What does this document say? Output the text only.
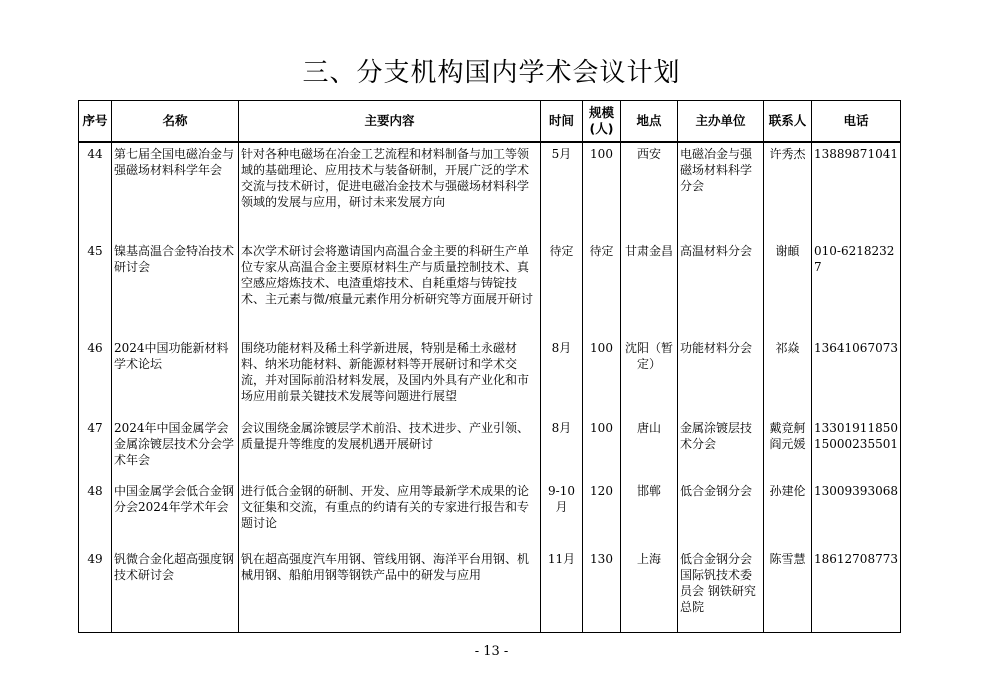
三、分支机构国内学术会议计划
序号	名称	主要内容	时间	规模(人)	地点	主办单位	联系人	电话
44	第七届全国电磁冶金与强磁场材料科学年会	针对各种电磁场在冶金工艺流程和材料制备与加工等领域的基础理论、应用技术与装备研制，开展广泛的学术交流与技术研讨，促进电磁冶金技术与强磁场材料科学领域的发展与应用，研讨未来发展方向	5月	100	西安	电磁冶金与强磁场材料科学分会	许秀杰	13889871041
45	镍基高温合金特冶技术研讨会	本次学术研讨会将邀请国内高温合金主要的科研生产单位专家从高温合金主要原材料生产与质量控制技术、真空感应熔炼技术、电渣重熔技术、自耗重熔与铸锭技术、主元素与微/痕量元素作用分析研究等方面展开研讨	待定	待定	甘肃金昌	高温材料分会	谢頔	010-62182327
46	2024中国功能新材料学术论坛	围绕功能材料及稀土科学新进展，特别是稀土永磁材料、纳米功能材料、新能源材料等开展研讨和学术交流，并对国际前沿材料发展，及国内外具有产业化和市场应用前景关键技术发展等问题进行展望	8月	100	沈阳（暂定）	功能材料分会	祁焱	13641067073
47	2024年中国金属学会金属涂镀层技术分会学术年会	会议围绕金属涂镀层学术前沿、技术进步、产业引领、质量提升等维度的发展机遇开展研讨	8月	100	唐山	金属涂镀层技术分会	戴竞舸 阎元媛	13301911850 15000235501
48	中国金属学会低合金钢分会2024年学术年会	进行低合金钢的研制、开发、应用等最新学术成果的论文征集和交流，有重点的约请有关的专家进行报告和专题讨论	9-10月	120	邯郸	低合金钢分会	孙建伦	13009393068
49	钒微合金化超高强度钢技术研讨会	钒在超高强度汽车用钢、管线用钢、海洋平台用钢、机械用钢、船舶用钢等钢铁产品中的研发与应用	11月	130	上海	低合金钢分会 国际钒技术委员会 钢铁研究总院	陈雪慧	18612708773
- 13 -
